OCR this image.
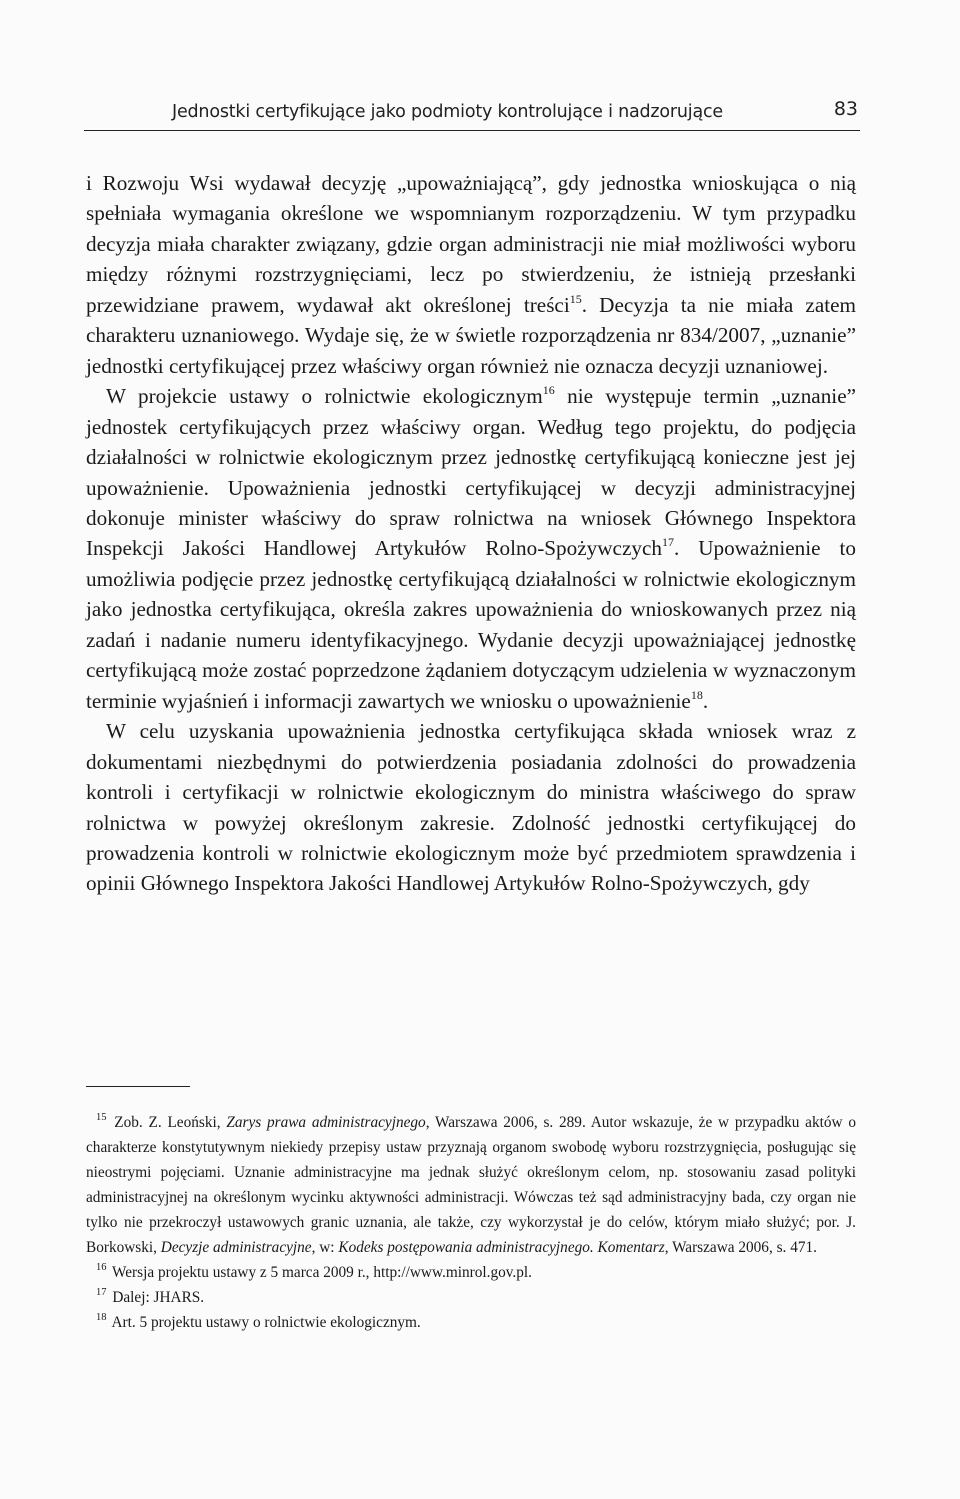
Jednostki certyfikujące jako podmioty kontrolujące i nadzorujące	83

i Rozwoju Wsi wydawał decyzję „upoważniającą”, gdy jednostka wnioskująca o nią spełniała wymagania określone we wspomnianym rozporządzeniu. W tym przypadku decyzja miała charakter związany, gdzie organ administracji nie miał możliwości wyboru między różnymi rozstrzygnięciami, lecz po stwierdzeniu, że istnieją przesłanki przewidziane prawem, wydawał akt określonej treści$^{15}$. Decyzja ta nie miała zatem charakteru uznaniowego. Wydaje się, że w świetle rozporządzenia nr 834/2007, „uznanie” jednostki certyfikującej przez właściwy organ również nie oznacza decyzji uznaniowej.

W projekcie ustawy o rolnictwie ekologicznym$^{16}$ nie występuje termin „uznanie” jednostek certyfikujących przez właściwy organ. Według tego projektu, do podjęcia działalności w rolnictwie ekologicznym przez jednostkę certyfikującą konieczne jest jej upoważnienie. Upoważnienia jednostki certyfikującej w decyzji administracyjnej dokonuje minister właściwy do spraw rolnictwa na wniosek Głównego Inspektora Inspekcji Jakości Handlowej Artykułów Rolno-Spożywczych$^{17}$. Upoważnienie to umożliwia podjęcie przez jednostkę certyfikującą działalności w rolnictwie ekologicznym jako jednostka certyfikująca, określa zakres upoważnienia do wnioskowanych przez nią zadań i nadanie numeru identyfikacyjnego. Wydanie decyzji upoważniającej jednostkę certyfikującą może zostać poprzedzone żądaniem dotyczącym udzielenia w wyznaczonym terminie wyjaśnień i informacji zawartych we wniosku o upoważnienie$^{18}$.

W celu uzyskania upoważnienia jednostka certyfikująca składa wniosek wraz z dokumentami niezbędnymi do potwierdzenia posiadania zdolności do prowadzenia kontroli i certyfikacji w rolnictwie ekologicznym do ministra właściwego do spraw rolnictwa w powyżej określonym zakresie. Zdolność jednostki certyfikującej do prowadzenia kontroli w rolnictwie ekologicznym może być przedmiotem sprawdzenia i opinii Głównego Inspektora Jakości Handlowej Artykułów Rolno-Spożywczych, gdy

$^{15}$ Zob. Z. Leoński, Zarys prawa administracyjnego, Warszawa 2006, s. 289. Autor wskazuje, że w przypadku aktów o charakterze konstytutywnym niekiedy przepisy ustaw przyznają organom swobodę wyboru rozstrzygnięcia, posługując się nieostrymi pojęciami. Uznanie administracyjne ma jednak służyć określonym celom, np. stosowaniu zasad polityki administracyjnej na określonym wycinku aktywności administracji. Wówczas też sąd administracyjny bada, czy organ nie tylko nie przekroczył ustawowych granic uznania, ale także, czy wykorzystał je do celów, którym miało służyć; por. J. Borkowski, Decyzje administracyjne, w: Kodeks postępowania administracyjnego. Komentarz, Warszawa 2006, s. 471.

$^{16}$ Wersja projektu ustawy z 5 marca 2009 r., http://www.minrol.gov.pl.

$^{17}$ Dalej: JHARS.

$^{18}$ Art. 5 projektu ustawy o rolnictwie ekologicznym.
